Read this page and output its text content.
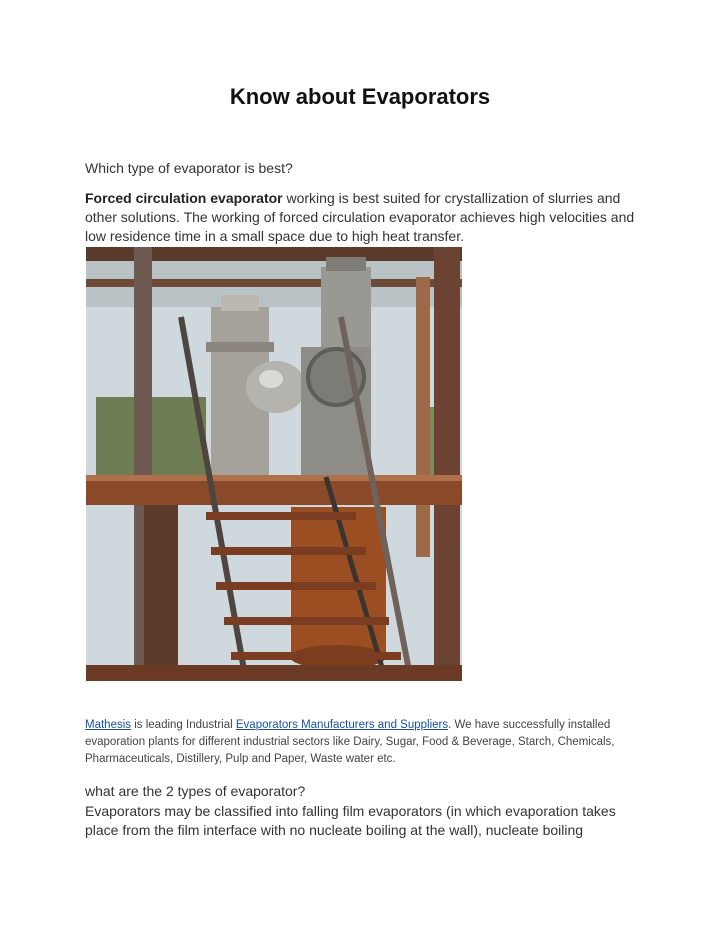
Know about Evaporators

Which type of evaporator is best?

Forced circulation evaporator working is best suited for crystallization of slurries and other solutions. The working of forced circulation evaporator achieves high velocities and low residence time in a small space due to high heat transfer.

Mathesis is leading Industrial Evaporators Manufacturers and Suppliers. We have successfully installed evaporation plants for different industrial sectors like Dairy, Sugar, Food & Beverage, Starch, Chemicals, Pharmaceuticals, Distillery, Pulp and Paper, Waste water etc.

what are the 2 types of evaporator?

Evaporators may be classified into falling film evaporators (in which evaporation takes place from the film interface with no nucleate boiling at the wall), nucleate boiling
